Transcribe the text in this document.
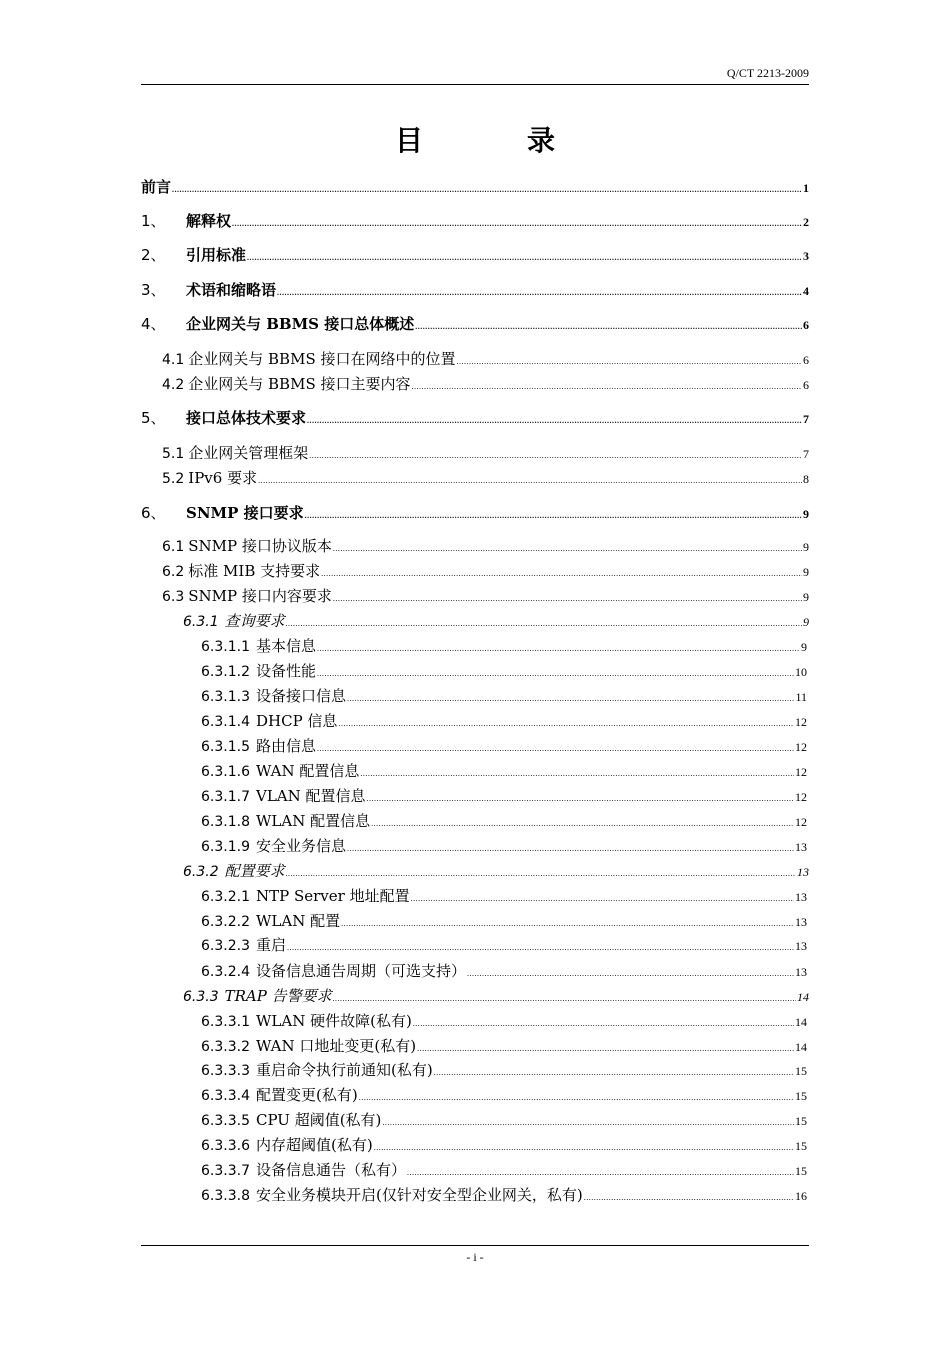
Q/CT 2213-2009
目　录
前言 .....	1
1、	解释权 .....	2
2、	引用标准 .....	3
3、	术语和缩略语 .....	4
4、	企业网关与 BBMS 接口总体概述 .....	6
4.1 企业网关与 BBMS 接口在网络中的位置 .....	6
4.2 企业网关与 BBMS 接口主要内容 .....	6
5、	接口总体技术要求 .....	7
5.1 企业网关管理框架 .....	7
5.2 IPv6 要求 .....	8
6、	SNMP 接口要求 .....	9
6.1 SNMP 接口协议版本 .....	9
6.2 标准 MIB 支持要求 .....	9
6.3 SNMP 接口内容要求 .....	9
6.3.1 查询要求 .....	9
6.3.1.1 基本信息 .....	9
6.3.1.2 设备性能 .....	10
6.3.1.3 设备接口信息 .....	11
6.3.1.4 DHCP 信息 .....	12
6.3.1.5 路由信息 .....	12
6.3.1.6 WAN 配置信息 .....	12
6.3.1.7 VLAN 配置信息 .....	12
6.3.1.8 WLAN 配置信息 .....	12
6.3.1.9 安全业务信息 .....	13
6.3.2 配置要求 .....	13
6.3.2.1 NTP Server 地址配置 .....	13
6.3.2.2 WLAN 配置 .....	13
6.3.2.3 重启 .....	13
6.3.2.4 设备信息通告周期（可选支持） .....	13
6.3.3 TRAP 告警要求 .....	14
6.3.3.1 WLAN 硬件故障(私有) .....	14
6.3.3.2 WAN 口地址变更(私有) .....	14
6.3.3.3 重启命令执行前通知(私有) .....	15
6.3.3.4 配置变更(私有) .....	15
6.3.3.5 CPU 超阈值(私有) .....	15
6.3.3.6 内存超阈值(私有) .....	15
6.3.3.7 设备信息通告（私有） .....	15
6.3.3.8 安全业务模块开启(仅针对安全型企业网关，私有) .....	16
- i -
